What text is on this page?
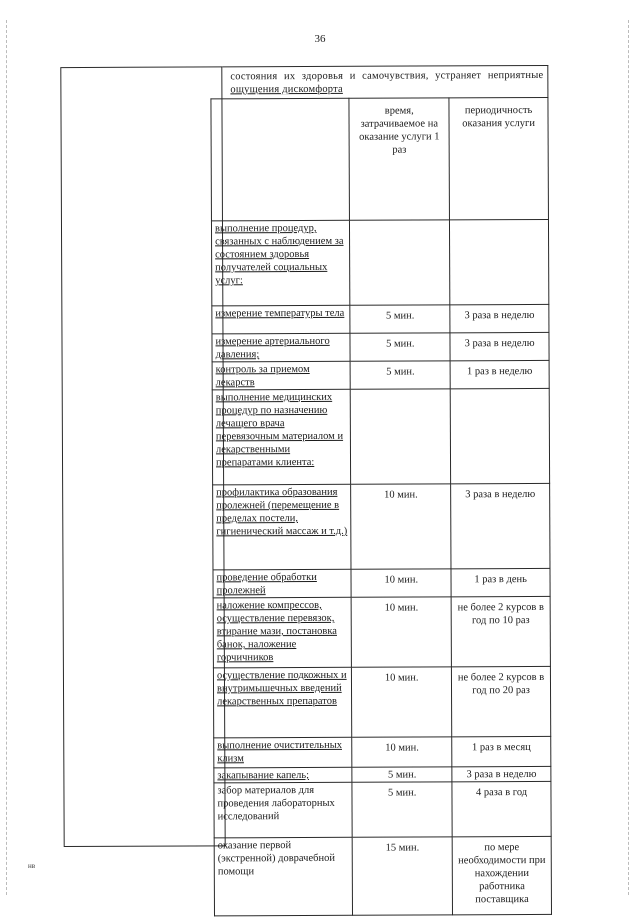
36
состояния их здоровья и самочувствия, устраняет неприятные
ощущения дискомфорта
	время, затрачиваемое на оказание услуги 1 раз	периодичность оказания услуги
выполнение процедур, связанных с наблюдением за состоянием здоровья получателей социальных услуг:		
измерение температуры тела	5 мин.	3 раза в неделю
измерение артериального давления;	5 мин.	3 раза в неделю
контроль за приемом лекарств	5 мин.	1 раз в неделю
выполнение медицинских процедур по назначению лечащего врача перевязочным материалом и лекарственными препаратами клиента:		
профилактика образования пролежней (перемещение в пределах постели, гигиенический массаж и т.д.)	10 мин.	3 раза в неделю
проведение обработки пролежней	10 мин.	1 раз в день
наложение компрессов, осуществление перевязок, втирание мази, постановка банок, наложение горчичников	10 мин.	не более 2 курсов в год по 10 раз
осуществление подкожных и внутримышечных введений лекарственных препаратов	10 мин.	не более 2 курсов в год по 20 раз
выполнение очистительных клизм	10 мин.	1 раз в месяц
закапывание капель;	5 мин.	3 раза в неделю
забор материалов для проведения лабораторных исследований	5 мин.	4 раза в год
оказание первой (экстренной) доврачебной помощи	15 мин.	по мере необходимости при нахождении работника поставщика
нв
